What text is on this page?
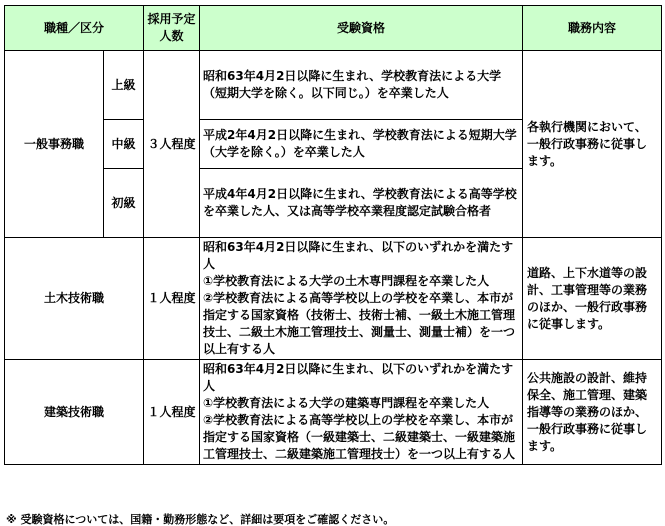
職種／区分		採用予定人数	受験資格	職務内容
一般事務職	上級	３人程度	昭和63年4月2日以降に生まれ、学校教育法による大学（短期大学を除く。以下同じ。）を卒業した人	各執行機関において、一般行政事務に従事します。
	中級		平成2年4月2日以降に生まれ、学校教育法による短期大学（大学を除く。）を卒業した人	
	初級		平成4年4月2日以降に生まれ、学校教育法による高等学校を卒業した人、又は高等学校卒業程度認定試験合格者	
土木技術職		１人程度	昭和63年4月2日以降に生まれ、以下のいずれかを満たす人
①学校教育法による大学の土木専門課程を卒業した人
②学校教育法による高等学校以上の学校を卒業し、本市が指定する国家資格（技術士、技術士補、一級土木施工管理技士、二級土木施工管理技士、測量士、測量士補）を一つ以上有する人	道路、上下水道等の設計、工事管理等の業務のほか、一般行政事務に従事します。
建築技術職		１人程度	昭和63年4月2日以降に生まれ、以下のいずれかを満たす人
①学校教育法による大学の建築専門課程を卒業した人
②学校教育法による高等学校以上の学校を卒業し、本市が指定する国家資格（一級建築士、二級建築士、一級建築施工管理技士、二級建築施工管理技士）を一つ以上有する人	公共施設の設計、維持保全、施工管理、建築指導等の業務のほか、一般行政事務に従事します。
※ 受験資格については、国籍・勤務形態など、詳細は要項をご確認ください。
